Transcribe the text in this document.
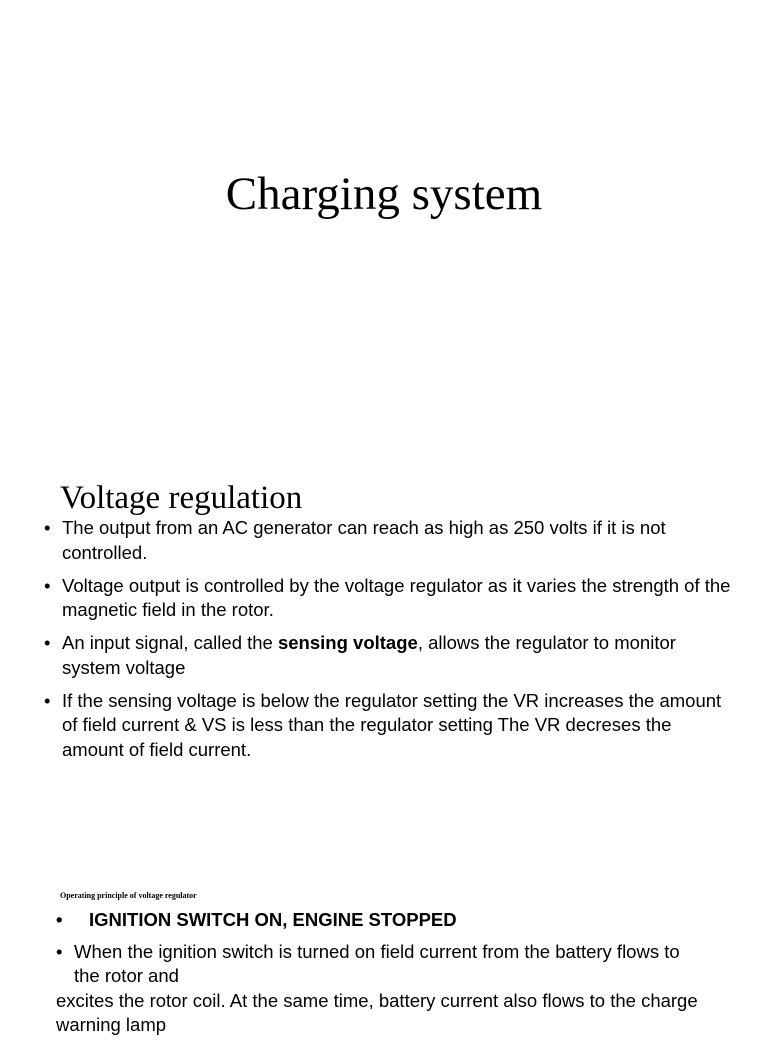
Charging system
Voltage regulation
• The output from an AC generator can reach as high as 250 volts if it is not controlled.
• Voltage output is controlled by the voltage regulator as it varies the strength of the magnetic field in the rotor.
• An input signal, called the sensing voltage, allows the regulator to monitor system voltage
• If the sensing voltage is below the regulator setting the VR increases the amount of field current & VS is less than the regulator setting The VR decreses the amount of field current.
Operating principle of voltage regulator
• IGNITION SWITCH ON, ENGINE STOPPED
• When the ignition switch is turned on field current from the battery flows to the rotor and
excites the rotor coil. At the same time, battery current also flows to the charge warning lamp
